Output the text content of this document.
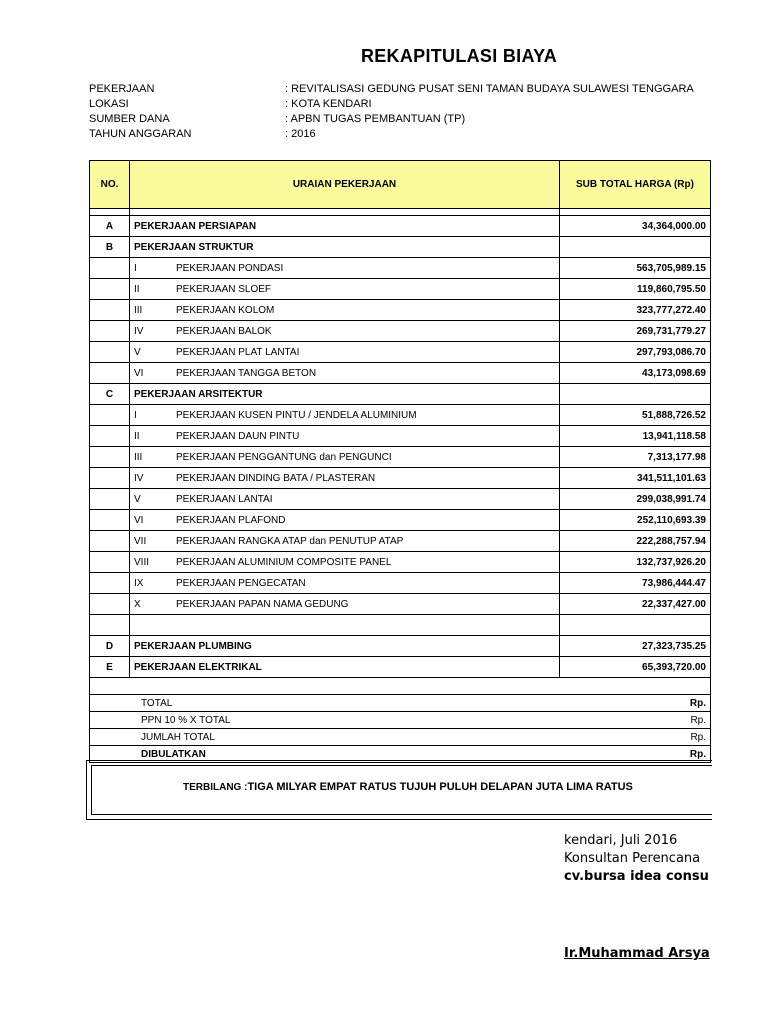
REKAPITULASI BIAYA
PEKERJAAN	: REVITALISASI GEDUNG PUSAT SENI TAMAN BUDAYA SULAWESI TENGGARA
LOKASI	: KOTA KENDARI
SUMBER DANA	: APBN TUGAS PEMBANTUAN (TP)
TAHUN ANGGARAN	: 2016
NO.	URAIAN PEKERJAAN	SUB TOTAL HARGA (Rp)

A	PEKERJAAN PERSIAPAN	34,364,000.00
B	PEKERJAAN STRUKTUR	
	I PEKERJAAN PONDASI	563,705,989.15
	II PEKERJAAN SLOEF	119,860,795.50
	III PEKERJAAN KOLOM	323,777,272.40
	IV PEKERJAAN BALOK	269,731,779.27
	V PEKERJAAN PLAT LANTAI	297,793,086.70
	VI PEKERJAAN TANGGA BETON	43,173,098.69
C	PEKERJAAN ARSITEKTUR	
	I PEKERJAAN KUSEN PINTU / JENDELA ALUMINIUM	51,888,726.52
	II PEKERJAAN DAUN PINTU	13,941,118.58
	III PEKERJAAN PENGGANTUNG dan PENGUNCI	7,313,177.98
	IV PEKERJAAN DINDING BATA / PLASTERAN	341,511,101.63
	V PEKERJAAN LANTAI	299,038,991.74
	VI PEKERJAAN PLAFOND	252,110,693.39
	VII PEKERJAAN RANGKA ATAP dan PENUTUP ATAP	222,288,757.94
	VIII PEKERJAAN ALUMINIUM COMPOSITE PANEL	132,737,926.20
	IX PEKERJAAN PENGECATAN	73,986,444.47
	X PEKERJAAN PAPAN NAMA GEDUNG	22,337,427.00

D	PEKERJAAN PLUMBING	27,323,735.25
E	PEKERJAAN ELEKTRIKAL	65,393,720.00

TOTAL		Rp.
PPN 10 % X TOTAL		Rp.
JUMLAH TOTAL		Rp.
DIBULATKAN		Rp.
TERBILANG :TIGA MILYAR EMPAT RATUS TUJUH PULUH DELAPAN JUTA LIMA RATUS
kendari, Juli 2016
Konsultan Perencana
cv.bursa idea consu
Ir.Muhammad Arsya
